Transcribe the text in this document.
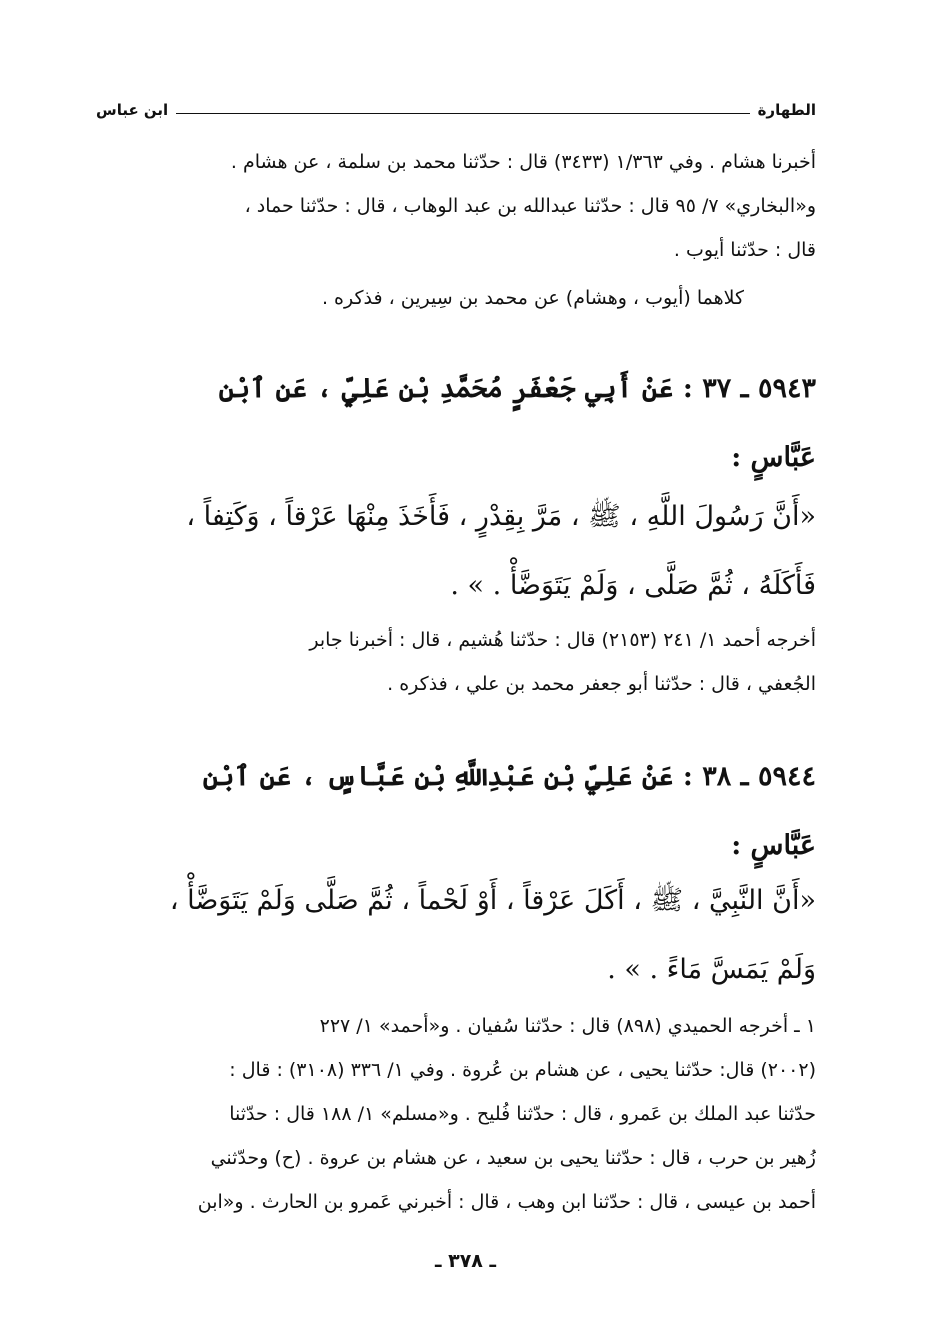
الطهارة
ابن عباس
أخبرنا هشام . وفي ١/٣٦٣ (٣٤٣٣) قال : حدّثنا محمد بن سلمة ، عن هشام .
و«البخاري» ٧/ ٩٥ قال : حدّثنا عبدالله بن عبد الوهاب ، قال : حدّثنا حماد ،
قال : حدّثنا أيوب .
كلاهما (أيوب ، وهشام) عن محمد بن سِيرين ، فذكره .
٥٩٤٣ ـ ٣٧ : عَنْ أَبِي جَعْفَرٍ مُحَمَّدِ بْنِ عَلِيٍّ ، عَنِ ٱبْنِ
عَبَّاسٍ :
«أَنَّ رَسُولَ اللَّهِ ، ﷺ ، مَرَّ بِقِدْرٍ ، فَأَخَذَ مِنْهَا عَرْقاً ، وَكَتِفاً ،
فَأَكَلَهُ ، ثُمَّ صَلَّى ، وَلَمْ يَتَوَضَّأْ . » .
أخرجه أحمد ١/ ٢٤١ (٢١٥٣) قال : حدّثنا هُشيم ، قال : أخبرنا جابر
الجُعفي ، قال : حدّثنا أبو جعفر محمد بن علي ، فذكره .
٥٩٤٤ ـ ٣٨ : عَنْ عَلِيِّ بْنِ عَبْدِاللَّهِ بْنِ عَبَّاسٍ ، عَنِ ٱبْنِ
عَبَّاسٍ :
«أَنَّ النَّبِيَّ ، ﷺ ، أَكَلَ عَرْقاً ، أَوْ لَحْماً ، ثُمَّ صَلَّى وَلَمْ يَتَوَضَّأْ ،
وَلَمْ يَمَسَّ مَاءً . » .
١ ـ أخرجه الحميدي (٨٩٨) قال : حدّثنا سُفيان . و«أحمد» ١/ ٢٢٧
(٢٠٠٢) قال: حدّثنا يحيى ، عن هشام بن عُروة . وفي ١/ ٣٣٦ (٣١٠٨) : قال :
حدّثنا عبد الملك بن عَمرو ، قال : حدّثنا فُليح . و«مسلم» ١/ ١٨٨ قال : حدّثنا
زُهير بن حرب ، قال : حدّثنا يحيى بن سعيد ، عن هشام بن عروة . (ح) وحدّثني
أحمد بن عيسى ، قال : حدّثنا ابن وهب ، قال : أخبرني عَمرو بن الحارث . و«ابن
ـ ٣٧٨ ـ
